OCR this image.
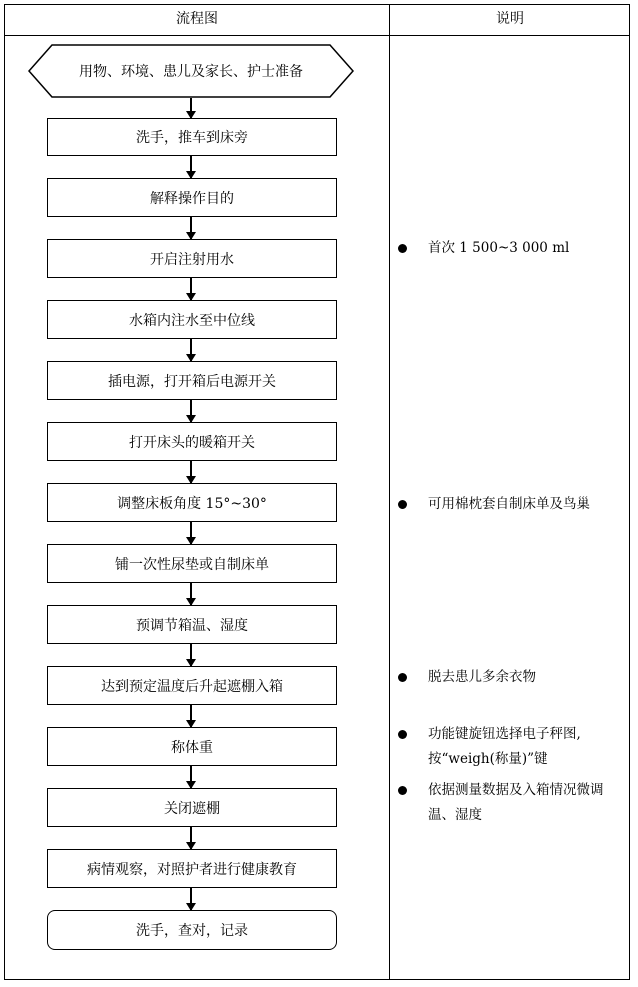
流程图	说明
用物、环境、患儿及家长、护士准备
洗手，推车到床旁
解释操作目的
开启注射用水
水箱内注水至中位线
插电源，打开箱后电源开关
打开床头的暖箱开关
调整床板角度 15°~30°
铺一次性尿垫或自制床单
预调节箱温、湿度
达到预定温度后升起遮棚入箱
称体重
关闭遮棚
病情观察，对照护者进行健康教育
洗手，查对，记录
首次 1 500~3 000 ml
可用棉枕套自制床单及鸟巢
脱去患儿多余衣物
功能键旋钮选择电子秤图,按“weigh(称量)”键
依据测量数据及入箱情况微调温、湿度
